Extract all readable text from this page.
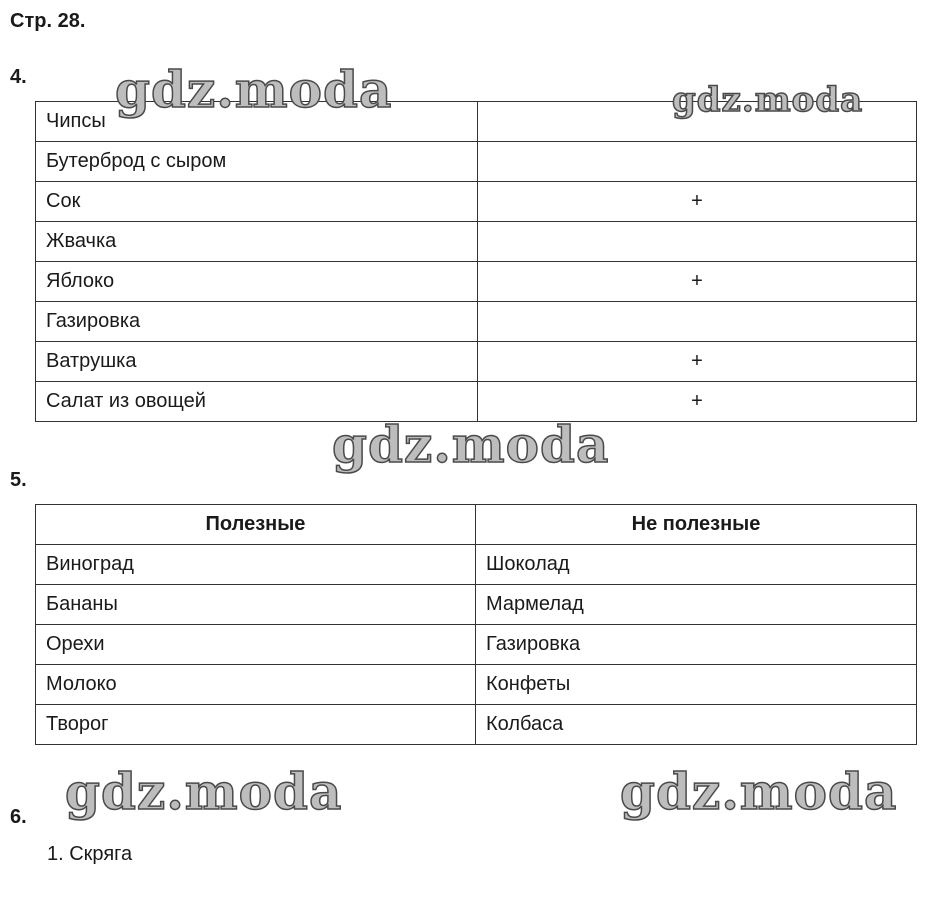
Стр. 28.
4.
Чипсы	
Бутерброд с сыром	
Сок	+
Жвачка	
Яблоко	+
Газировка	
Ватрушка	+
Салат из овощей	+
5.
Полезные	Не полезные
Виноград	Шоколад
Бананы	Мармелад
Орехи	Газировка
Молоко	Конфеты
Творог	Колбаса
6.
1. Скряга
gdz.moda	gdz.moda
gdz.moda
gdz.moda	gdz.moda
